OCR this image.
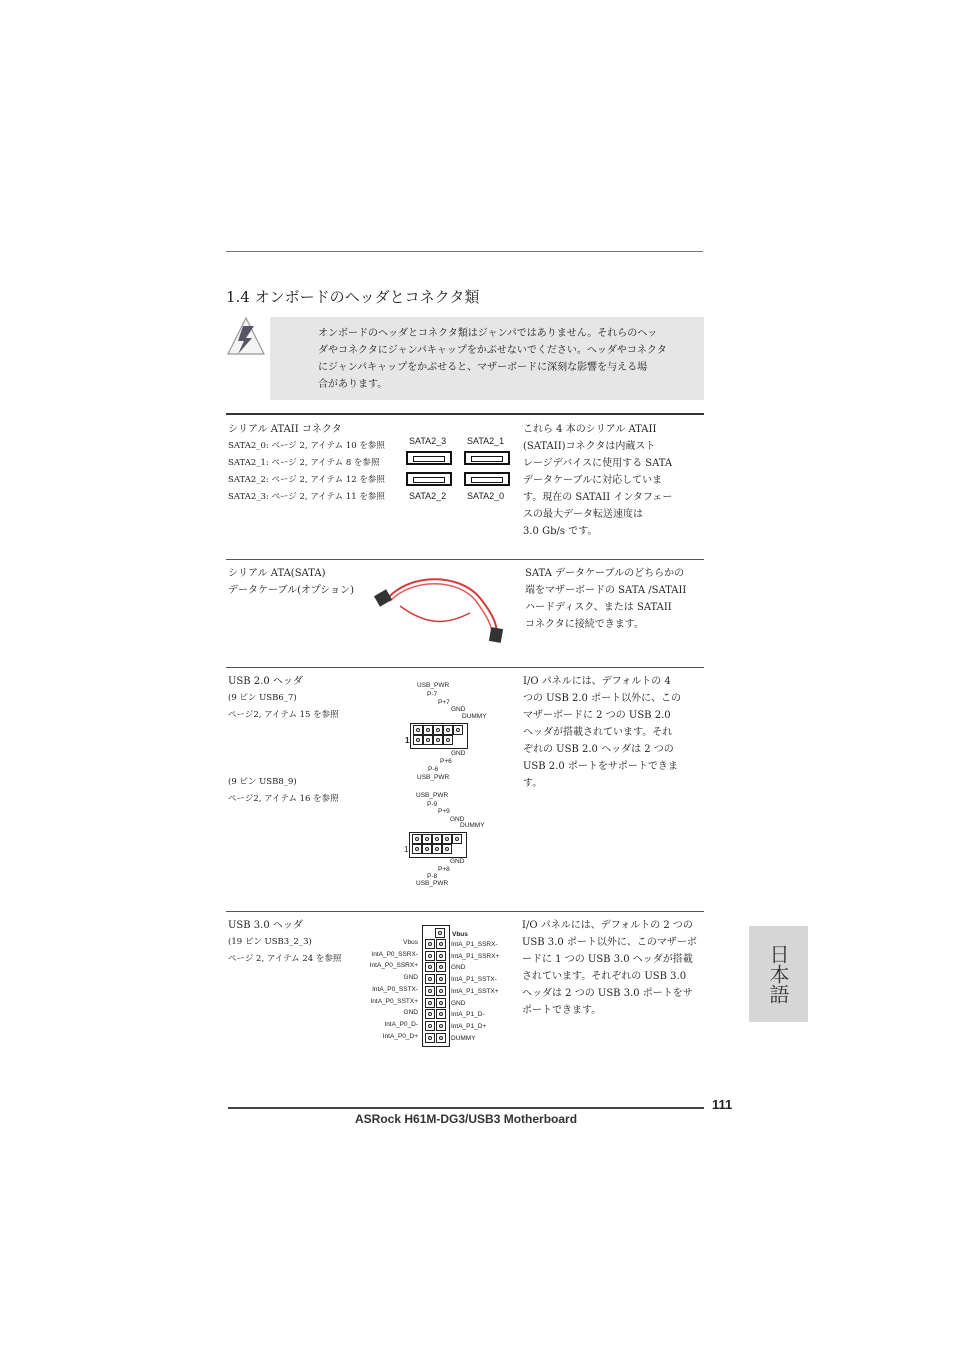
1.4 オンボードのヘッダとコネクタ類
オンボードのヘッダとコネクタ類はジャンパではありません。それらのヘッ
ダやコネクタにジャンパキャップをかぶせないでください。ヘッダやコネクタ
にジャンパキャップをかぶせると、マザーボードに深刻な影響を与える場
合があります。
シリアル ATAII コネクタ
SATA2_0: ページ 2, アイテム 10 を参照
SATA2_1: ページ 2, アイテム 8 を参照
SATA2_2: ページ 2, アイテム 12 を参照
SATA2_3: ページ 2, アイテム 11 を参照
SATA2_3 SATA2_1
SATA2_2 SATA2_0
これら 4 本のシリアル ATAII
(SATAII)コネクタは内蔵スト
レージデバイスに使用する SATA
データケーブルに対応していま
す。現在の SATAII インタフェー
スの最大データ転送速度は
3.0 Gb/s です。
シリアル ATA(SATA)
データケーブル(オプション)
SATA データケーブルのどちらかの
端をマザーボードの SATA /SATAII
ハードディスク、または SATAII
コネクタに接続できます。
USB 2.0 ヘッダ
(9 ピン USB6_7)
ページ2, アイテム 15 を参照
(9 ピン USB8_9)
ページ2, アイテム 16 を参照
USB_PWR
P-7
P+7
GND
DUMMY
1
GND
P+6
P-6
USB_PWR
USB_PWR
P-9
P+9
GND
DUMMY
1
GND
P+8
P-8
USB_PWR
I/O パネルには、デフォルトの 4
つの USB 2.0 ポート以外に、この
マザーボードに 2 つの USB 2.0
ヘッダが搭載されています。それ
ぞれの USB 2.0 ヘッダは 2 つの
USB 2.0 ポートをサポートできま
す。
USB 3.0 ヘッダ
(19 ピン USB3_2_3)
ページ 2, アイテム 24 を参照
Vbus
Vbus
IntA_P0_SSRX-
IntA_P0_SSRX+
GND
IntA_P0_SSTX-
IntA_P0_SSTX+
GND
IntA_P0_D-
IntA_P0_D+
IntA_P1_SSRX-
IntA_P1_SSRX+
GND
IntA_P1_SSTX-
IntA_P1_SSTX+
GND
IntA_P1_D-
IntA_P1_D+
DUMMY
I/O パネルには、デフォルトの 2 つの
USB 3.0 ポート以外に、このマザーボ
ードに 1 つの USB 3.0 ヘッダが搭載
されています。それぞれの USB 3.0
ヘッダは 2 つの USB 3.0 ポートをサ
ポートできます。
日本語
111
ASRock H61M-DG3/USB3 Motherboard
